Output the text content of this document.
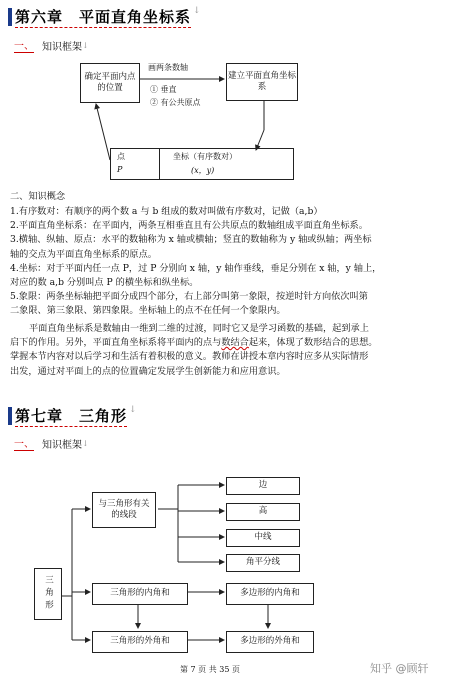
第六章　平面直角坐标系 ↓
一、 知识框架 ↓
确定平面内点的位置
建立平面直角坐标系
画两条数轴
① 垂直
② 有公共原点
点
P
坐标（有序数对）
(x，y)
二、知识概念
1.有序数对：有顺序的两个数 a 与 b 组成的数对叫做有序数对，记做（a,b）
2.平面直角坐标系：在平面内，两条互相垂直且有公共原点的数轴组成平面直角坐标系。
3.横轴、纵轴、原点：水平的数轴称为 x 轴或横轴；竖直的数轴称为 y 轴或纵轴；两坐标
轴的交点为平面直角坐标系的原点。
4.坐标：对于平面内任一点 P，过 P 分别向 x 轴，y 轴作垂线，垂足分别在 x 轴，y 轴上，
对应的数 a,b 分别叫点 P 的横坐标和纵坐标。
5.象限：两条坐标轴把平面分成四个部分，右上部分叫第一象限，按逆时针方向依次叫第
二象限、第三象限、第四象限。坐标轴上的点不在任何一个象限内。
平面直角坐标系是数轴由一维到二维的过渡，同时它又是学习函数的基础，起到承上
启下的作用。另外，平面直角坐标系将平面内的点与数结合起来，体现了数形结合的思想。
掌握本节内容对以后学习和生活有着积极的意义。教师在讲授本章内容时应多从实际情形
出发，通过对平面上的点的位置确定发展学生创新能力和应用意识。
第七章　三角形 ↓
一、 知识框架 ↓
三角形
与三角形有关的线段
边
高
中线
角平分线
三角形的内角和	多边形的内角和
三角形的外角和	多边形的外角和
第 7 页 共 35 页	知乎 @顾轩
